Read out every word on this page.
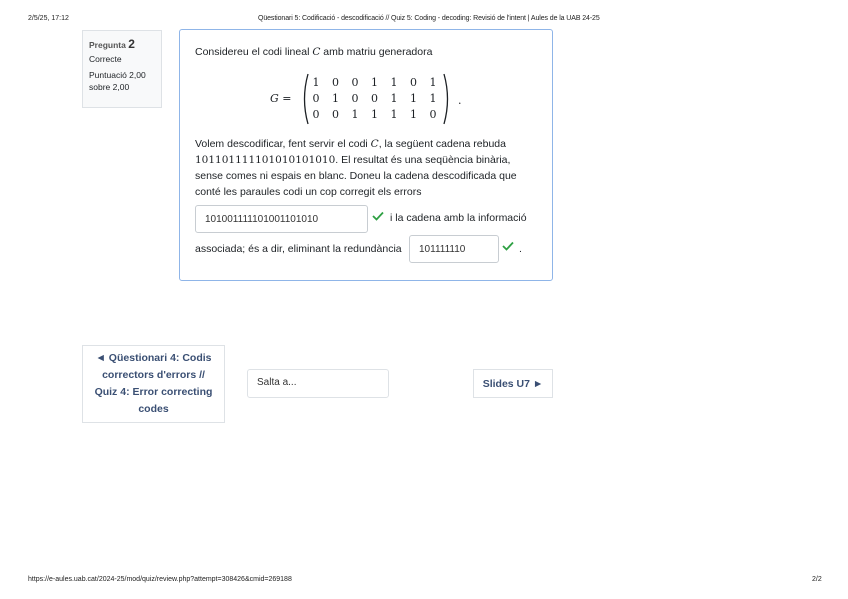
2/5/25, 17:12	Qüestionari 5: Codificació - descodificació // Quiz 5: Coding - decoding: Revisió de l'intent | Aules de la UAB 24-25
Pregunta 2
Correcte
Puntuació 2,00
sobre 2,00
Considereu el codi lineal C amb matriu generadora
G =
1 0 0 1 1 0 1
0 1 0 0 1 1 1
0 0 1 1 1 1 0
.
Volem descodificar, fent servir el codi C, la següent cadena rebuda 101101111101010101010. El resultat és una seqüència binària, sense comes ni espais en blanc. Doneu la cadena descodificada que conté les paraules codi un cop corregit els errors
101001111101001101010	i la cadena amb la informació
associada; és a dir, eliminant la redundància	101111110	.
◄ Qüestionari 4: Codis correctors d'errors // Quiz 4: Error correcting codes
Salta a...	Slides U7 ►
https://e-aules.uab.cat/2024-25/mod/quiz/review.php?attempt=308426&cmid=269188	2/2
